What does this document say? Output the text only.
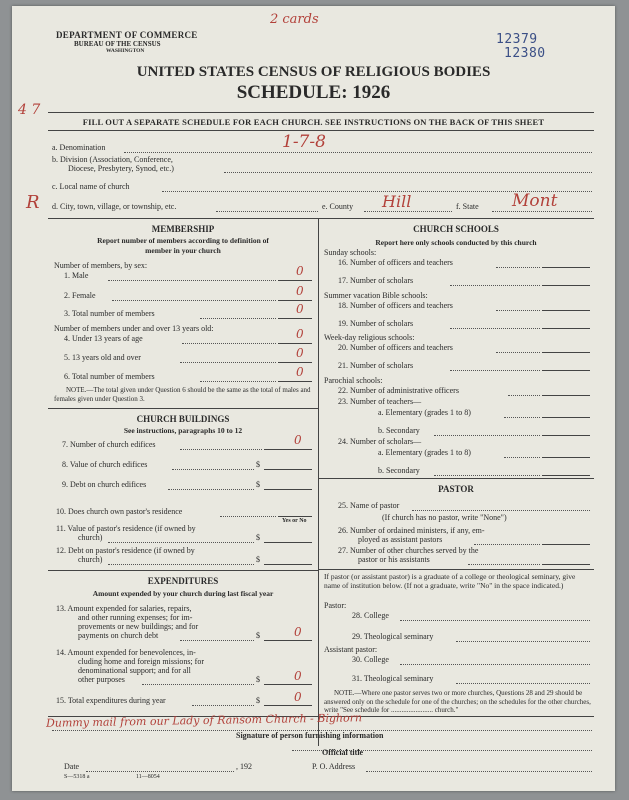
DEPARTMENT OF COMMERCE
BUREAU OF THE CENSUS
WASHINGTON
2 cards
12379
12380
4 7
UNITED STATES CENSUS OF RELIGIOUS BODIES
SCHEDULE: 1926
FILL OUT A SEPARATE SCHEDULE FOR EACH CHURCH. SEE INSTRUCTIONS ON THE BACK OF THIS SHEET
a. Denomination	1-7-8
b. Division (Association, Conference,
Diocese, Presbytery, Synod, etc.)
c. Local name of church
R d. City, town, village, or township, etc.	e. County Hill	f. State Mont
MEMBERSHIP
Report number of members according to definition of
member in your church
Number of members, by sex:
1. Male	0
2. Female	0
3. Total number of members	0
Number of members under and over 13 years old:
4. Under 13 years of age	0
5. 13 years old and over	0
6. Total number of members	0
NOTE.—The total given under Question 6 should be the same as the total of males and females given under Question 3.
CHURCH BUILDINGS
See instructions, paragraphs 10 to 12
7. Number of church edifices	0
8. Value of church edifices	$
9. Debt on church edifices	$
10. Does church own pastor's residence
Yes or No
11. Value of pastor's residence (if owned by
church)	$
12. Debt on pastor's residence (if owned by
church)	$
EXPENDITURES
Amount expended by your church during last fiscal year
13. Amount expended for salaries, repairs,
and other running expenses; for im-
provements or new buildings; and for
payments on church debt	$	0
14. Amount expended for benevolences, in-
cluding home and foreign missions; for
denominational support; and for all
other purposes	$	0
15. Total expenditures during year	$	0
CHURCH SCHOOLS
Report here only schools conducted by this church
Sunday schools:
16. Number of officers and teachers
17. Number of scholars
Summer vacation Bible schools:
18. Number of officers and teachers
19. Number of scholars
Week-day religious schools:
20. Number of officers and teachers
21. Number of scholars
Parochial schools:
22. Number of administrative officers
23. Number of teachers—
a. Elementary (grades 1 to 8)
b. Secondary
24. Number of scholars—
a. Elementary (grades 1 to 8)
b. Secondary
PASTOR
25. Name of pastor
(If church has no pastor, write "None")
26. Number of ordained ministers, if any, em-
ployed as assistant pastors
27. Number of other churches served by the
pastor or his assistants
If pastor (or assistant pastor) is a graduate of a college or theological seminary, give name of institution below. (If not a graduate, write "No" in the space indicated.)
Pastor:
28. College
29. Theological seminary
Assistant pastor:
30. College
31. Theological seminary
NOTE.—Where one pastor serves two or more churches, Questions 28 and 29 should be answered only on the schedule for one of the churches; on the schedules for the other churches, write "See schedule for ........................ church."
Dummy mail from our Lady of Ransom Church - Bighorn
Signature of person furnishing information
Official title
Date	, 192	P. O. Address
S—5318 a	11—8054
